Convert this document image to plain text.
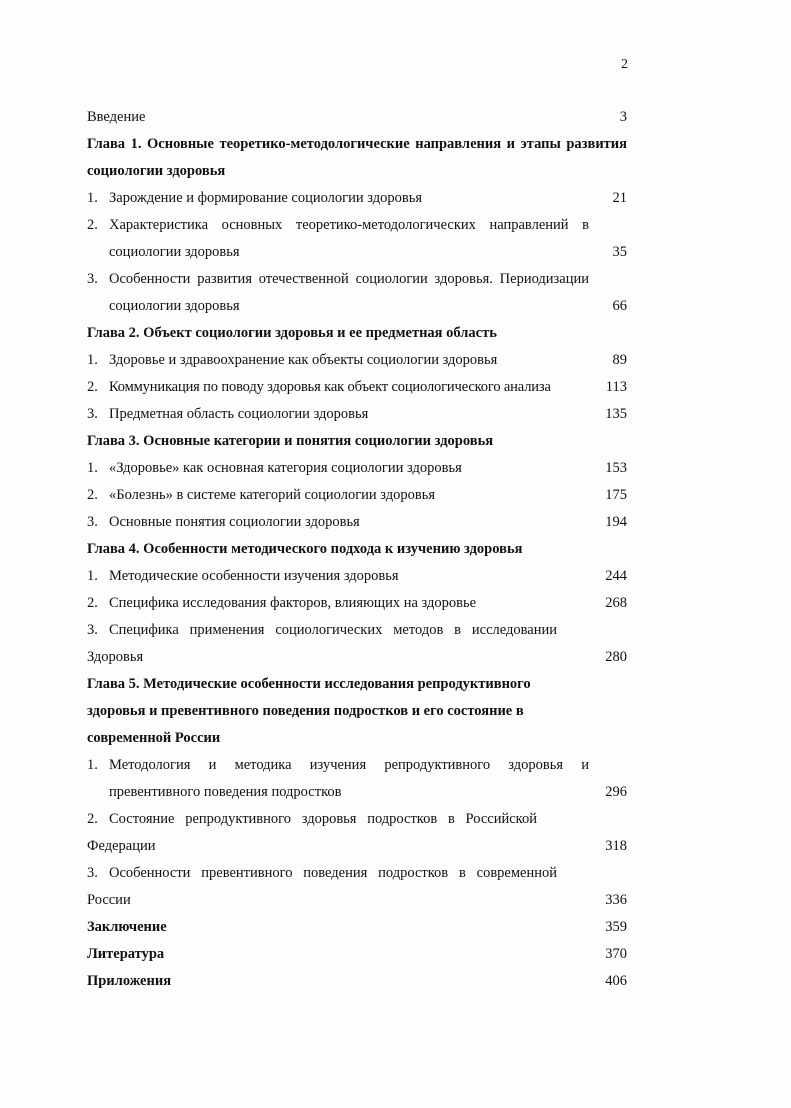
2
Введение	3
Глава 1. Основные теоретико-методологические направления и этапы развития социологии здоровья
1. Зарождение и формирование социологии здоровья	21
2. Характеристика основных теоретико-методологических направлений в социологии здоровья	35
3. Особенности развития отечественной социологии здоровья. Периодизации социологии здоровья	66
Глава 2. Объект социологии здоровья и ее предметная область
1. Здоровье и здравоохранение как объекты социологии здоровья	89
2. Коммуникация по поводу здоровья как объект социологического анализа	113
3. Предметная область социологии здоровья	135
Глава 3. Основные категории и понятия социологии здоровья
1. «Здоровье» как основная категория социологии здоровья	153
2. «Болезнь» в системе категорий социологии здоровья	175
3. Основные понятия социологии здоровья	194
Глава 4. Особенности методического подхода к изучению здоровья
1. Методические особенности изучения здоровья	244
2. Специфика исследования факторов, влияющих на здоровье	268
3. Специфика применения социологических методов в исследовании Здоровья	280
Глава 5. Методические особенности исследования репродуктивного здоровья и превентивного поведения подростков и его состояние в современной России
1. Методология и методика изучения репродуктивного здоровья и превентивного поведения подростков	296
2. Состояние репродуктивного здоровья подростков в Российской Федерации	318
3. Особенности превентивного поведения подростков в современной России	336
Заключение	359
Литература	370
Приложения	406
